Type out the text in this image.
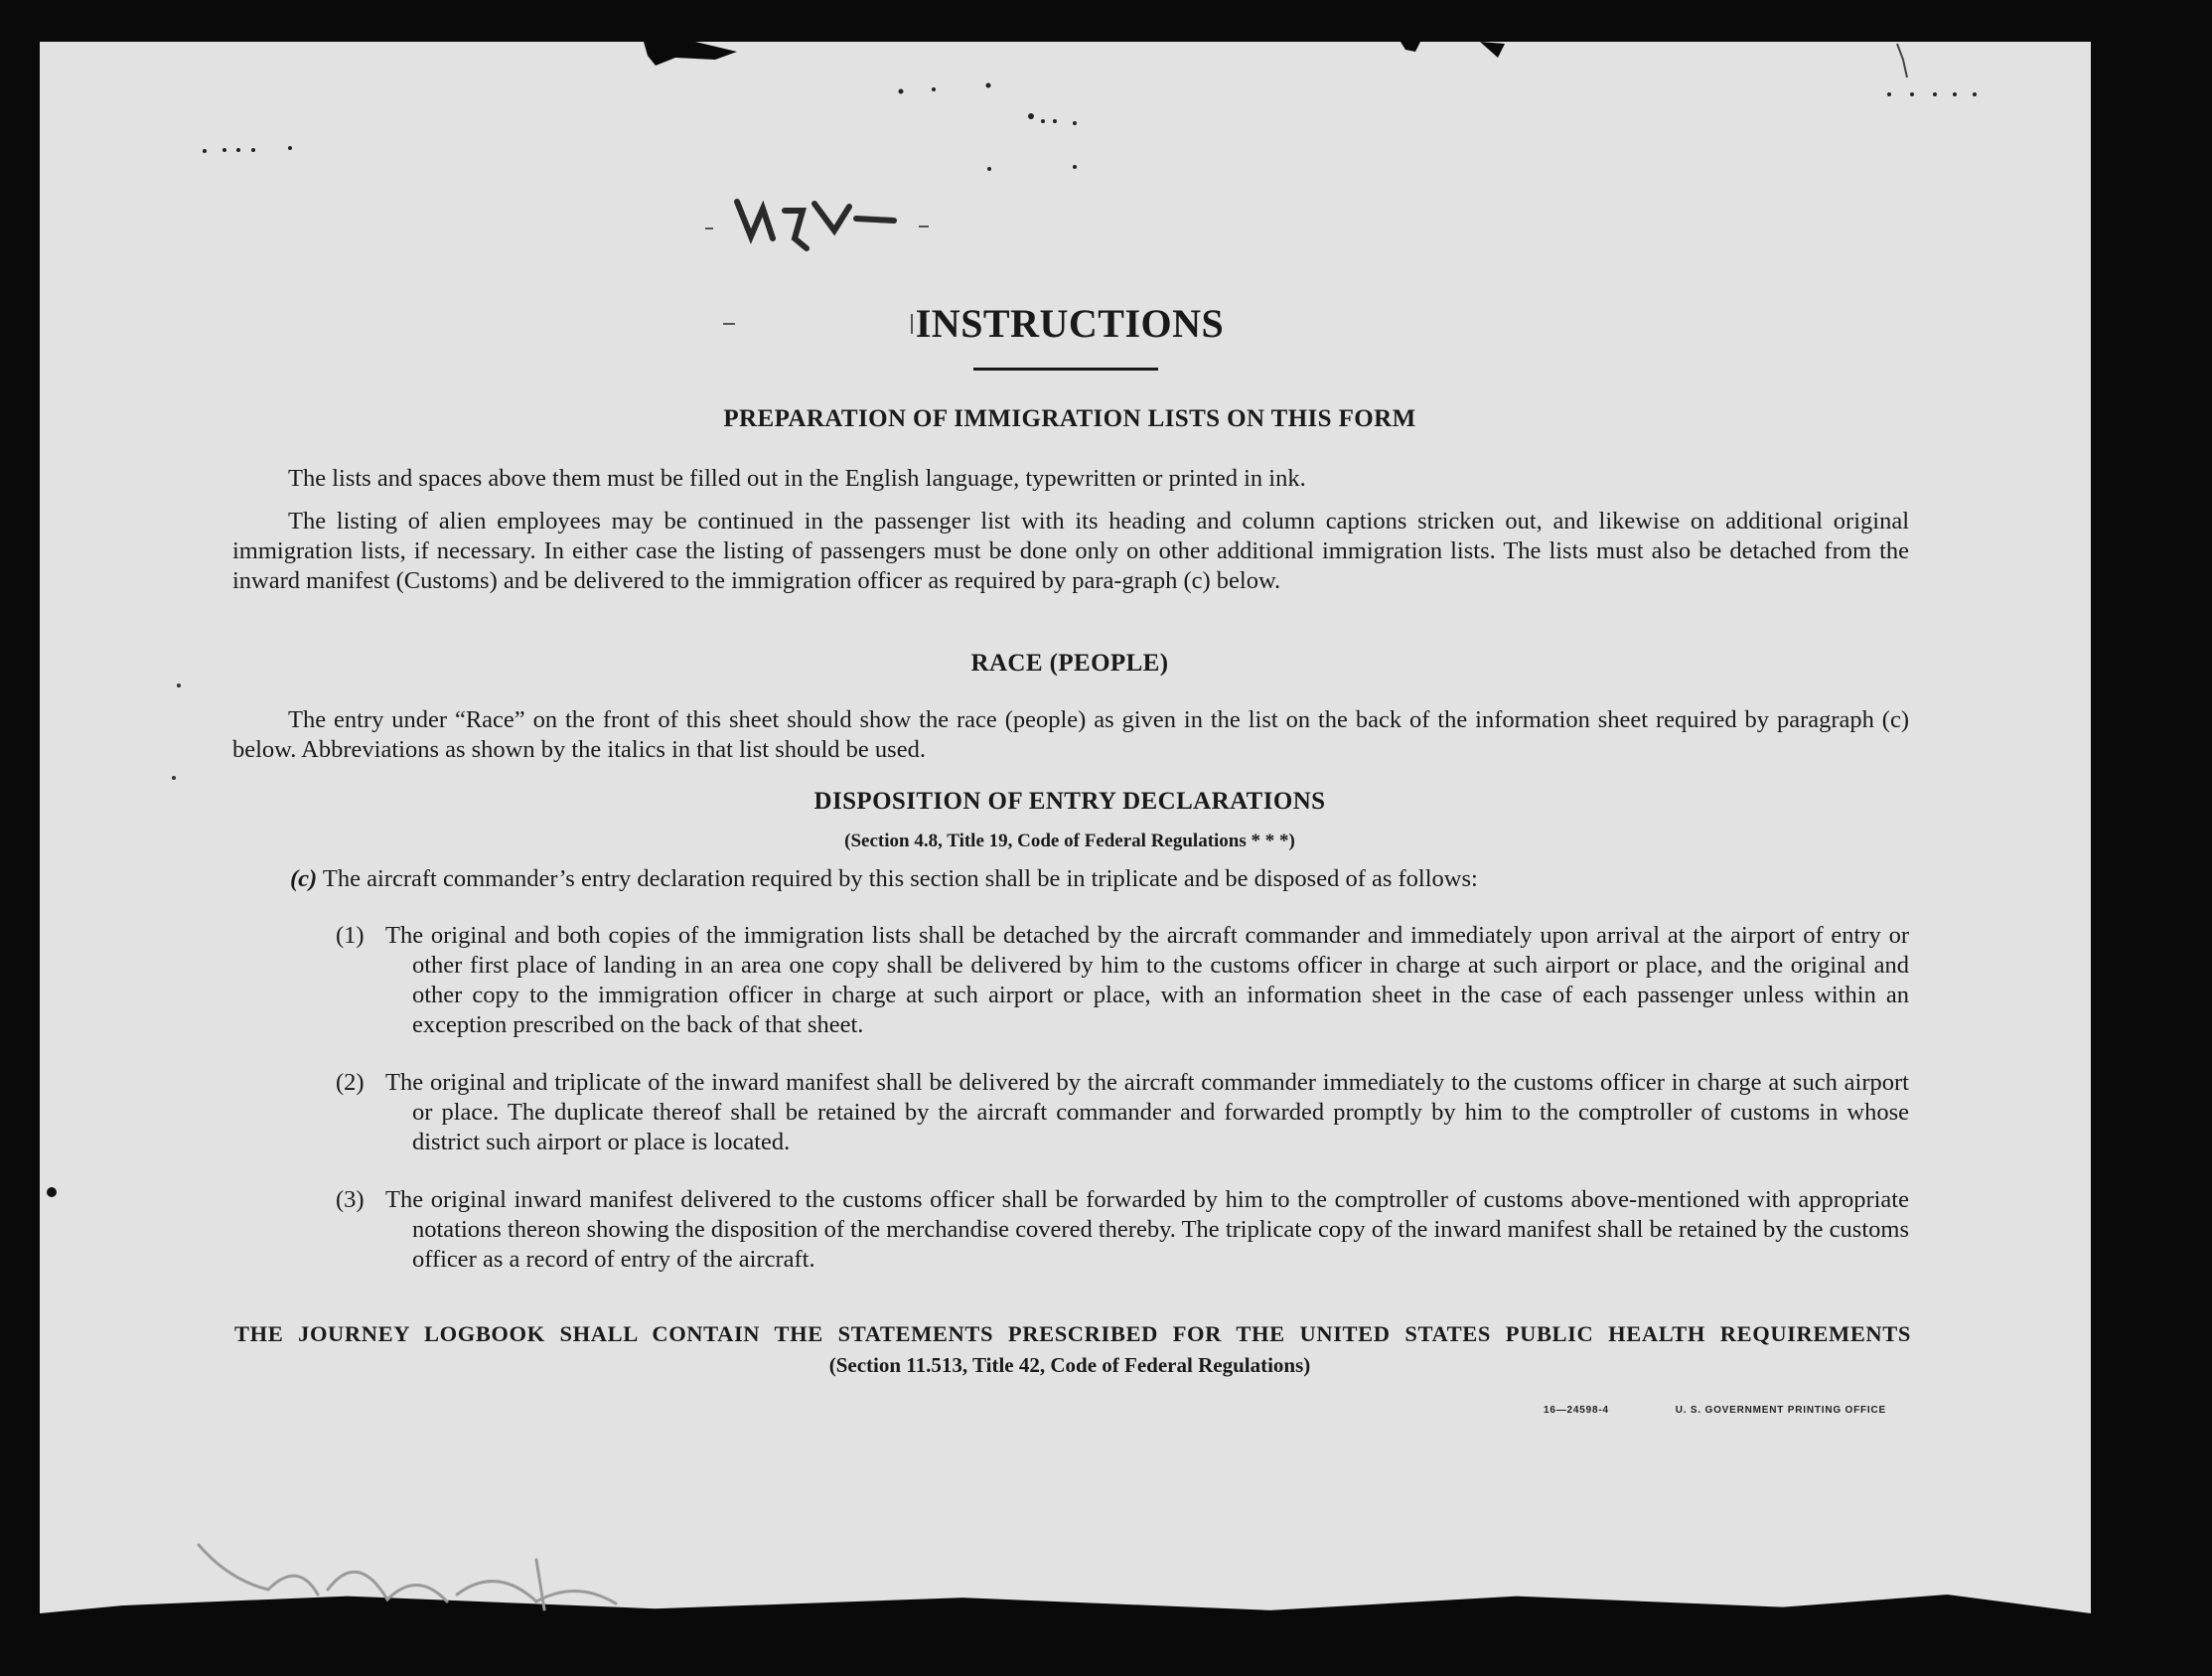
INSTRUCTIONS
PREPARATION OF IMMIGRATION LISTS ON THIS FORM

The lists and spaces above them must be filled out in the English language, typewritten or printed in ink.

The listing of alien employees may be continued in the passenger list with its heading and column captions stricken out, and likewise on additional original immigration lists, if necessary. In either case the listing of passengers must be done only on other additional immigration lists. The lists must also be detached from the inward manifest (Customs) and be delivered to the immigration officer as required by para-graph (c) below.

RACE (PEOPLE)

The entry under “Race” on the front of this sheet should show the race (people) as given in the list on the back of the information sheet required by paragraph (c) below. Abbreviations as shown by the italics in that list should be used.

DISPOSITION OF ENTRY DECLARATIONS
(Section 4.8, Title 19, Code of Federal Regulations * * *)
(c) The aircraft commander’s entry declaration required by this section shall be in triplicate and be disposed of as follows:
(1) The original and both copies of the immigration lists shall be detached by the aircraft commander and immediately upon arrival at the airport of entry or other first place of landing in an area one copy shall be delivered by him to the customs officer in charge at such airport or place, and the original and other copy to the immigration officer in charge at such airport or place, with an information sheet in the case of each passenger unless within an exception prescribed on the back of that sheet.
(2) The original and triplicate of the inward manifest shall be delivered by the aircraft commander immediately to the customs officer in charge at such airport or place. The duplicate thereof shall be retained by the aircraft commander and forwarded promptly by him to the comptroller of customs in whose district such airport or place is located.
(3) The original inward manifest delivered to the customs officer shall be forwarded by him to the comptroller of customs above-mentioned with appropriate notations thereon showing the disposition of the merchandise covered thereby. The triplicate copy of the inward manifest shall be retained by the customs officer as a record of entry of the aircraft.
THE JOURNEY LOGBOOK SHALL CONTAIN THE STATEMENTS PRESCRIBED FOR THE UNITED STATES PUBLIC HEALTH REQUIREMENTS
(Section 11.513, Title 42, Code of Federal Regulations)
16—24598-4	U. S. GOVERNMENT PRINTING OFFICE
